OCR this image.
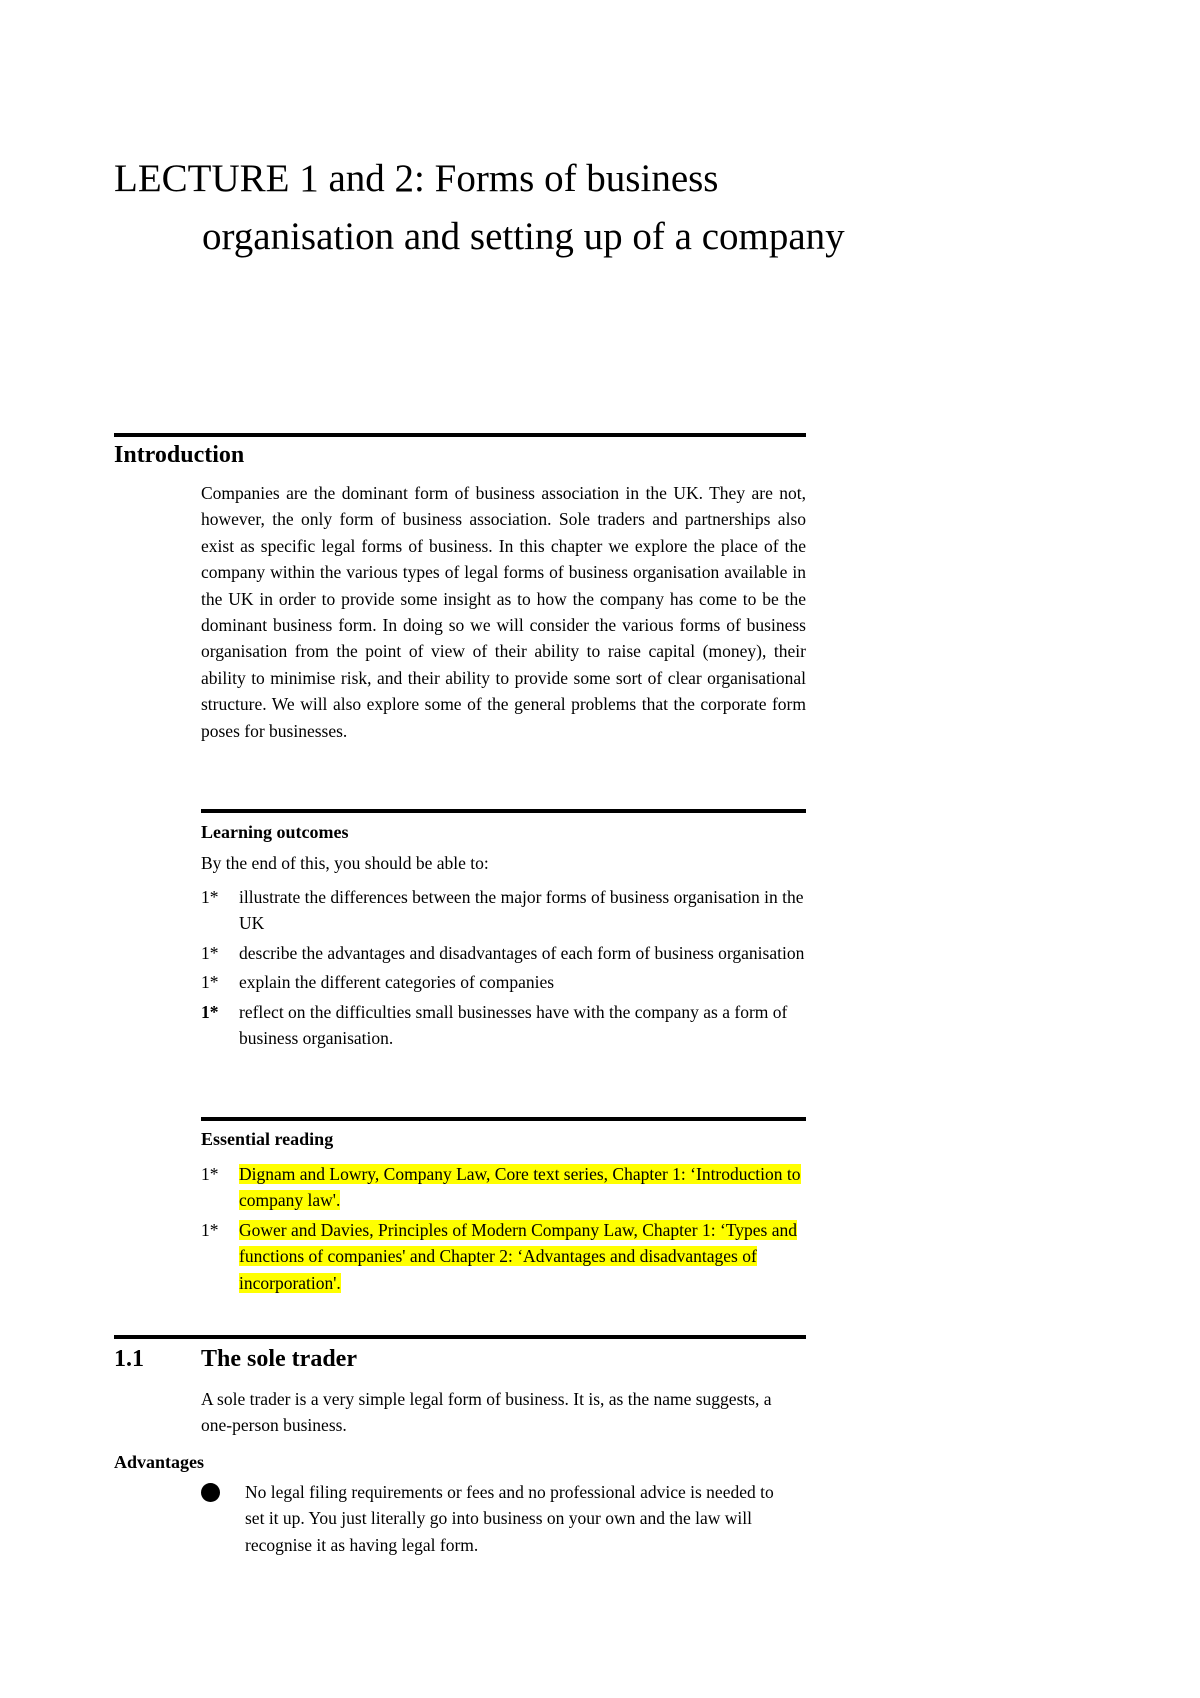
LECTURE 1 and 2: Forms of business organisation and setting up of a company
Introduction

Companies are the dominant form of business association in the UK. They are not, however, the only form of business association. Sole traders and partnerships also exist as specific legal forms of business. In this chapter we explore the place of the company within the various types of legal forms of business organisation available in the UK in order to provide some insight as to how the company has come to be the dominant business form. In doing so we will consider the various forms of business organisation from the point of view of their ability to raise capital (money), their ability to minimise risk, and their ability to provide some sort of clear organisational structure. We will also explore some of the general problems that the corporate form poses for businesses.

Learning outcomes

By the end of this, you should be able to:

1* illustrate the differences between the major forms of business organisation in the UK
1* describe the advantages and disadvantages of each form of business organisation
1* explain the different categories of companies
1* reflect on the difficulties small businesses have with the company as a form of business organisation.

Essential reading

1* Dignam and Lowry, Company Law, Core text series, Chapter 1: ‘Introduction to company law'.
1* Gower and Davies, Principles of Modern Company Law, Chapter 1: ‘Types and functions of companies' and Chapter 2: ‘Advantages and disadvantages of incorporation'.
1.1 The sole trader

A sole trader is a very simple legal form of business. It is, as the name suggests, a one-person business.

Advantages

No legal filing requirements or fees and no professional advice is needed to set it up. You just literally go into business on your own and the law will recognise it as having legal form.
